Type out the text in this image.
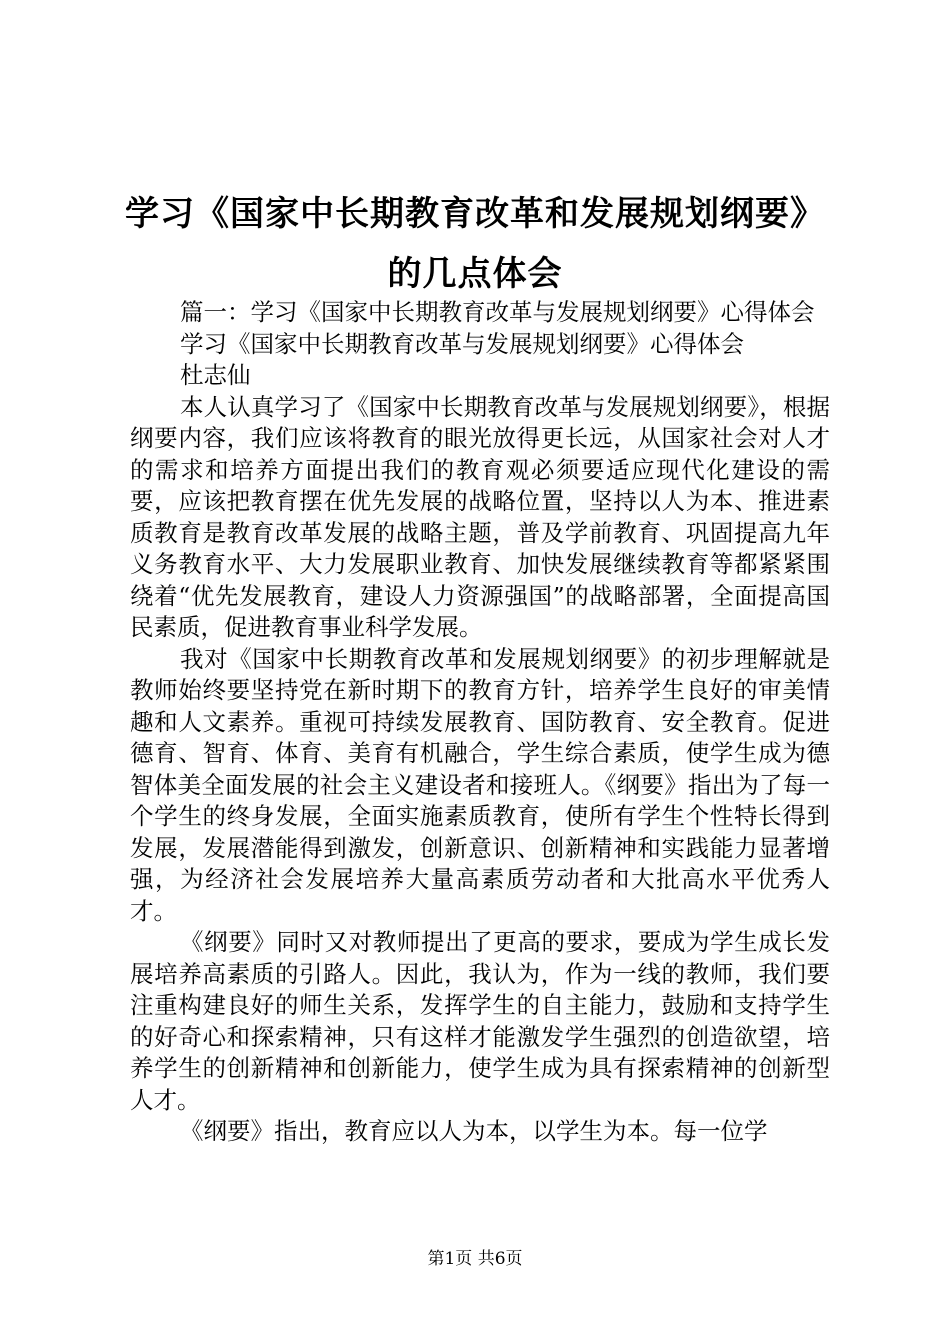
学习《国家中长期教育改革和发展规划纲要》
的几点体会

篇一：学习《国家中长期教育改革与发展规划纲要》心得体会

学习《国家中长期教育改革与发展规划纲要》心得体会

杜志仙

本人认真学习了《国家中长期教育改革与发展规划纲要》，根据纲要内容，我们应该将教育的眼光放得更长远，从国家社会对人才的需求和培养方面提出我们的教育观必须要适应现代化建设的需要，应该把教育摆在优先发展的战略位置，坚持以人为本、推进素质教育是教育改革发展的战略主题，普及学前教育、巩固提高九年义务教育水平、大力发展职业教育、加快发展继续教育等都紧紧围绕着“优先发展教育，建设人力资源强国”的战略部署，全面提高国民素质，促进教育事业科学发展。

我对《国家中长期教育改革和发展规划纲要》的初步理解就是教师始终要坚持党在新时期下的教育方针，培养学生良好的审美情趣和人文素养。重视可持续发展教育、国防教育、安全教育。促进德育、智育、体育、美育有机融合，学生综合素质，使学生成为德智体美全面发展的社会主义建设者和接班人。《纲要》指出为了每一个学生的终身发展，全面实施素质教育，使所有学生个性特长得到发展，发展潜能得到激发，创新意识、创新精神和实践能力显著增强，为经济社会发展培养大量高素质劳动者和大批高水平优秀人才。

《纲要》同时又对教师提出了更高的要求，要成为学生成长发展培养高素质的引路人。因此，我认为，作为一线的教师，我们要注重构建良好的师生关系，发挥学生的自主能力，鼓励和支持学生的好奇心和探索精神，只有这样才能激发学生强烈的创造欲望，培养学生的创新精神和创新能力，使学生成为具有探索精神的创新型人才。

《纲要》指出，教育应以人为本，以学生为本。每一位学

第1页 共6页
